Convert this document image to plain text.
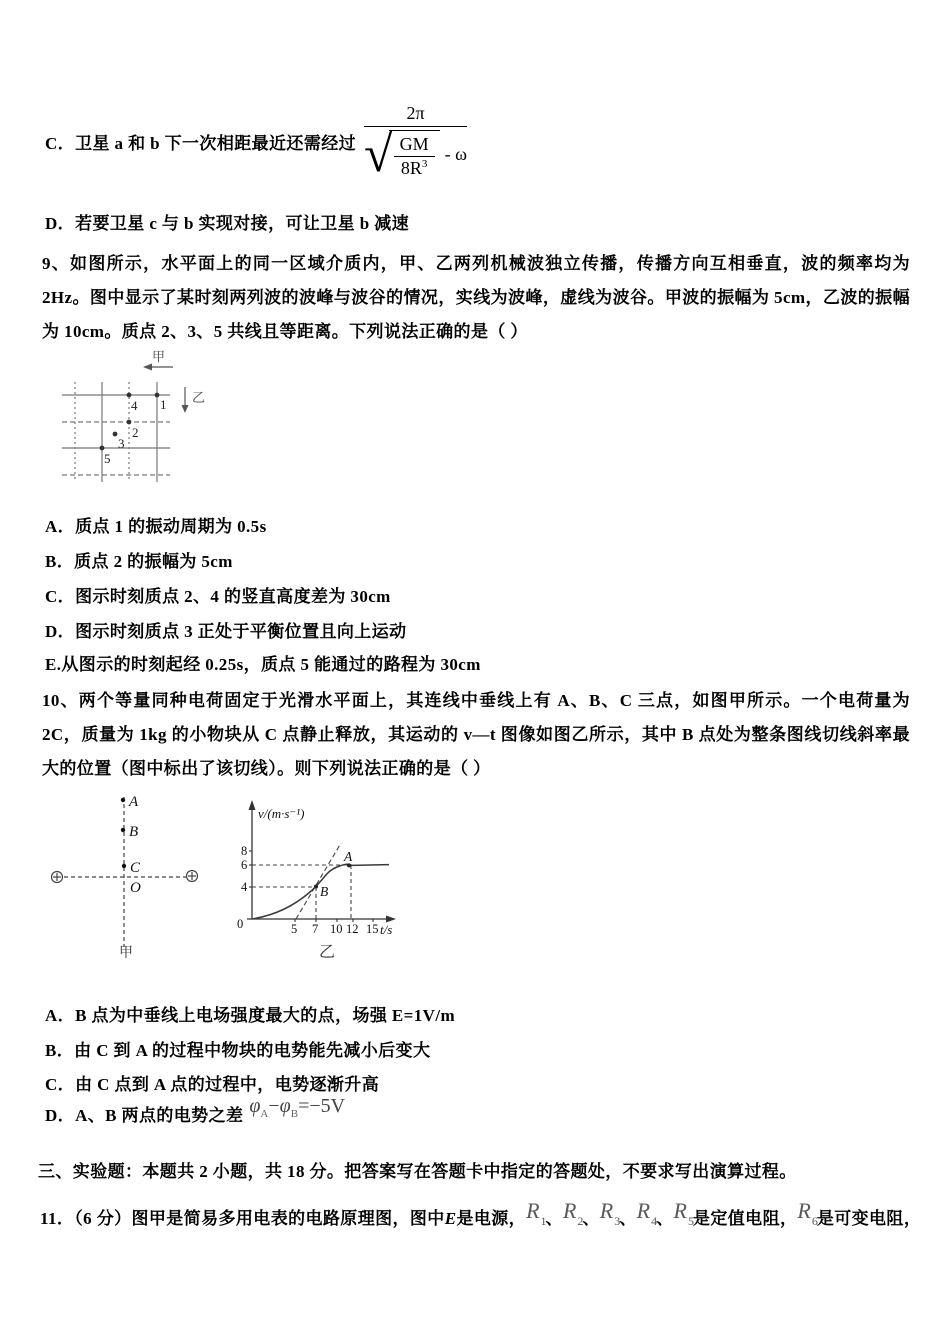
C．卫星 a 和 b 下一次相距最近还需经过
2π
√ $\frac{GM}{8R^3}$ - ω
D．若要卫星 c 与 b 实现对接，可让卫星 b 减速
9、如图所示，水平面上的同一区域介质内，甲、乙两列机械波独立传播，传播方向互相垂直，波的频率均为 2Hz。图中显示了某时刻两列波的波峰与波谷的情况，实线为波峰，虚线为波谷。甲波的振幅为 5cm，乙波的振幅为 10cm。质点 2、3、5 共线且等距离。下列说法正确的是（ ）
甲
乙
4 1
2
3
5
A．质点 1 的振动周期为 0.5s
B．质点 2 的振幅为 5cm
C．图示时刻质点 2、4 的竖直高度差为 30cm
D．图示时刻质点 3 正处于平衡位置且向上运动
E.从图示的时刻起经 0.25s，质点 5 能通过的路程为 30cm
10、两个等量同种电荷固定于光滑水平面上，其连线中垂线上有 A、B、C 三点，如图甲所示。一个电荷量为 2C，质量为 1kg 的小物块从 C 点静止释放，其运动的 v—t 图像如图乙所示，其中 B 点处为整条图线切线斜率最大的位置（图中标出了该切线）。则下列说法正确的是（ ）
A
B
C
O
甲
8
6
4
0	5 7 10 12 15
A
B
v/(m·s⁻¹)
t/s
乙
A．B 点为中垂线上电场强度最大的点，场强 E=1V/m
B．由 C 到 A 的过程中物块的电势能先减小后变大
C．由 C 点到 A 点的过程中，电势逐渐升高
D．A、B 两点的电势之差 $\varphi_A-\varphi_B=-5V$
三、实验题：本题共 2 小题，共 18 分。把答案写在答题卡中指定的答题处，不要求写出演算过程。
11．（6 分）图甲是简易多用电表的电路原理图，图中E是电源，$R_1$、$R_2$、$R_3$、$R_4$、$R_5$是定值电阻，$R_6$是可变电阻，
